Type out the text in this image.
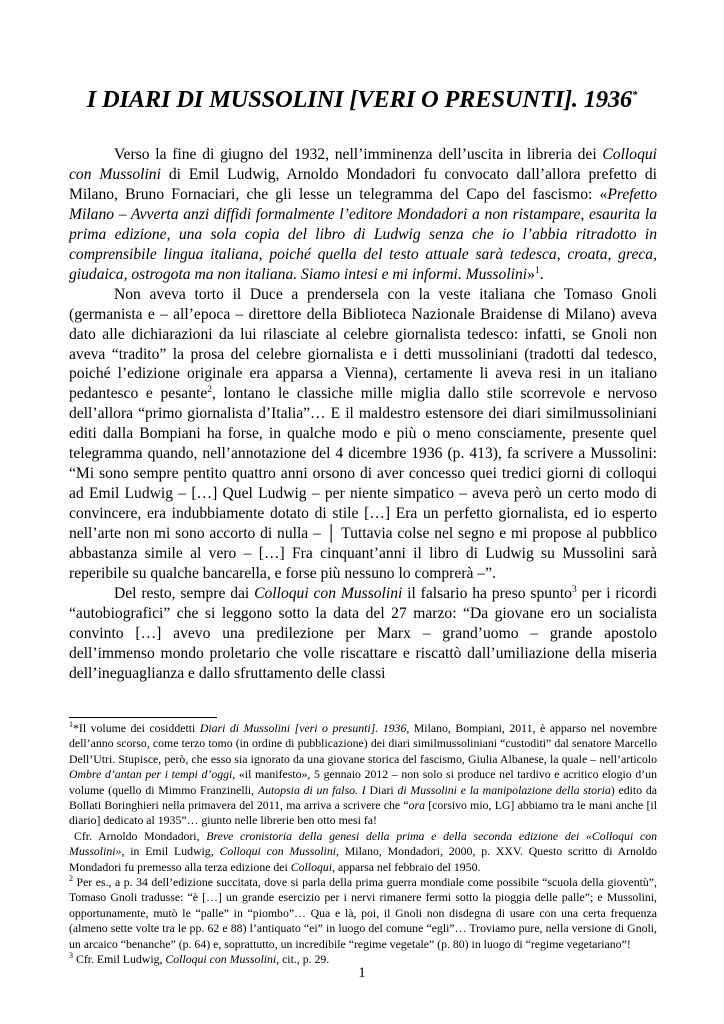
I DIARI DI MUSSOLINI [VERI O PRESUNTI]. 1936*

Verso la fine di giugno del 1932, nell’imminenza dell’uscita in libreria dei Colloqui con Mussolini di Emil Ludwig, Arnoldo Mondadori fu convocato dall’allora prefetto di Milano, Bruno Fornaciari, che gli lesse un telegramma del Capo del fascismo: «Prefetto Milano – Avverta anzi diffidi formalmente l’editore Mondadori a non ristampare, esaurita la prima edizione, una sola copia del libro di Ludwig senza che io l’abbia ritradotto in comprensibile lingua italiana, poiché quella del testo attuale sarà tedesca, croata, greca, giudaica, ostrogota ma non italiana. Siamo intesi e mi informi. Mussolini»$^1$.

Non aveva torto il Duce a prendersela con la veste italiana che Tomaso Gnoli (germanista e – all’epoca – direttore della Biblioteca Nazionale Braidense di Milano) aveva dato alle dichiarazioni da lui rilasciate al celebre giornalista tedesco: infatti, se Gnoli non aveva “tradito” la prosa del celebre giornalista e i detti mussoliniani (tradotti dal tedesco, poiché l’edizione originale era apparsa a Vienna), certamente li aveva resi in un italiano pedantesco e pesante$^2$, lontano le classiche mille miglia dallo stile scorrevole e nervoso dell’allora “primo giornalista d’Italia”… E il maldestro estensore dei diari similmussoliniani editi dalla Bompiani ha forse, in qualche modo e più o meno consciamente, presente quel telegramma quando, nell’annotazione del 4 dicembre 1936 (p. 413), fa scrivere a Mussolini: “Mi sono sempre pentito quattro anni orsono di aver concesso quei tredici giorni di colloqui ad Emil Ludwig – […] Quel Ludwig – per niente simpatico – aveva però un certo modo di convincere, era indubbiamente dotato di stile […] Era un perfetto giornalista, ed io esperto nell’arte non mi sono accorto di nulla – │ Tuttavia colse nel segno e mi propose al pubblico abbastanza simile al vero – […] Fra cinquant’anni il libro di Ludwig su Mussolini sarà reperibile su qualche bancarella, e forse più nessuno lo comprerà –”.

Del resto, sempre dai Colloqui con Mussolini il falsario ha preso spunto$^3$ per i ricordi “autobiografici” che si leggono sotto la data del 27 marzo: “Da giovane ero un socialista convinto […] avevo una predilezione per Marx – grand’uomo – grande apostolo dell’immenso mondo proletario che volle riscattare e riscattò dall’umiliazione della miseria dell’ineguaglianza e dallo sfruttamento delle classi

$^1$*Il volume dei cosiddetti Diari di Mussolini [veri o presunti]. 1936, Milano, Bompiani, 2011, è apparso nel novembre dell’anno scorso, come terzo tomo (in ordine di pubblicazione) dei diari similmussoliniani “custoditi” dal senatore Marcello Dell’Utri. Stupisce, però, che esso sia ignorato da una giovane storica del fascismo, Giulia Albanese, la quale – nell’articolo Ombre d’antan per i tempi d’oggi, «il manifesto», 5 gennaio 2012 – non solo si produce nel tardivo e acritico elogio d’un volume (quello di Mimmo Franzinelli, Autopsia di un falso. I Diari di Mussolini e la manipolazione della storia) edito da Bollati Boringhieri nella primavera del 2011, ma arriva a scrivere che “ora [corsivo mio, LG] abbiamo tra le mani anche [il diario] dedicato al 1935”… giunto nelle librerie ben otto mesi fa!

Cfr. Arnoldo Mondadori, Breve cronistoria della genesi della prima e della seconda edizione dei «Colloqui con Mussolini», in Emil Ludwig, Colloqui con Mussolini, Milano, Mondadori, 2000, p. XXV. Questo scritto di Arnoldo Mondadori fu premesso alla terza edizione dei Colloqui, apparsa nel febbraio del 1950.

$^2$ Per es., a p. 34 dell’edizione succitata, dove si parla della prima guerra mondiale come possibile “scuola della gioventù”, Tomaso Gnoli tradusse: “è […] un grande esercizio per i nervi rimanere fermi sotto la pioggia delle palle”; e Mussolini, opportunamente, mutò le “palle” in “piombo”… Qua e là, poi, il Gnoli non disdegna di usare con una certa frequenza (almeno sette volte tra le pp. 62 e 88) l’antiquato “ei” in luogo del comune “egli”… Troviamo pure, nella versione di Gnoli, un arcaico “benanche” (p. 64) e, soprattutto, un incredibile “regime vegetale” (p. 80) in luogo di “regime vegetariano”!

$^3$ Cfr. Emil Ludwig, Colloqui con Mussolini, cit., p. 29.

1
